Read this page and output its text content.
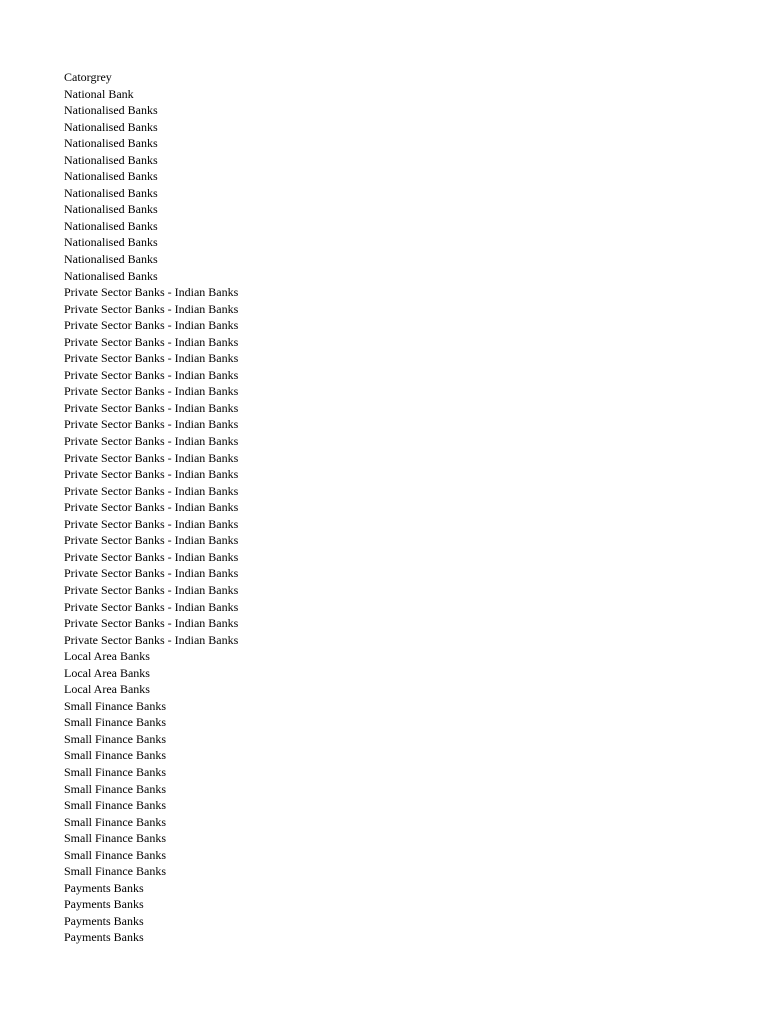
Catorgrey
National Bank
Nationalised Banks
Nationalised Banks
Nationalised Banks
Nationalised Banks
Nationalised Banks
Nationalised Banks
Nationalised Banks
Nationalised Banks
Nationalised Banks
Nationalised Banks
Nationalised Banks
Private Sector Banks - Indian Banks
Private Sector Banks - Indian Banks
Private Sector Banks - Indian Banks
Private Sector Banks - Indian Banks
Private Sector Banks - Indian Banks
Private Sector Banks - Indian Banks
Private Sector Banks - Indian Banks
Private Sector Banks - Indian Banks
Private Sector Banks - Indian Banks
Private Sector Banks - Indian Banks
Private Sector Banks - Indian Banks
Private Sector Banks - Indian Banks
Private Sector Banks - Indian Banks
Private Sector Banks - Indian Banks
Private Sector Banks - Indian Banks
Private Sector Banks - Indian Banks
Private Sector Banks - Indian Banks
Private Sector Banks - Indian Banks
Private Sector Banks - Indian Banks
Private Sector Banks - Indian Banks
Private Sector Banks - Indian Banks
Private Sector Banks - Indian Banks
Local Area Banks
Local Area Banks
Local Area Banks
Small Finance Banks
Small Finance Banks
Small Finance Banks
Small Finance Banks
Small Finance Banks
Small Finance Banks
Small Finance Banks
Small Finance Banks
Small Finance Banks
Small Finance Banks
Small Finance Banks
Payments Banks
Payments Banks
Payments Banks
Payments Banks
